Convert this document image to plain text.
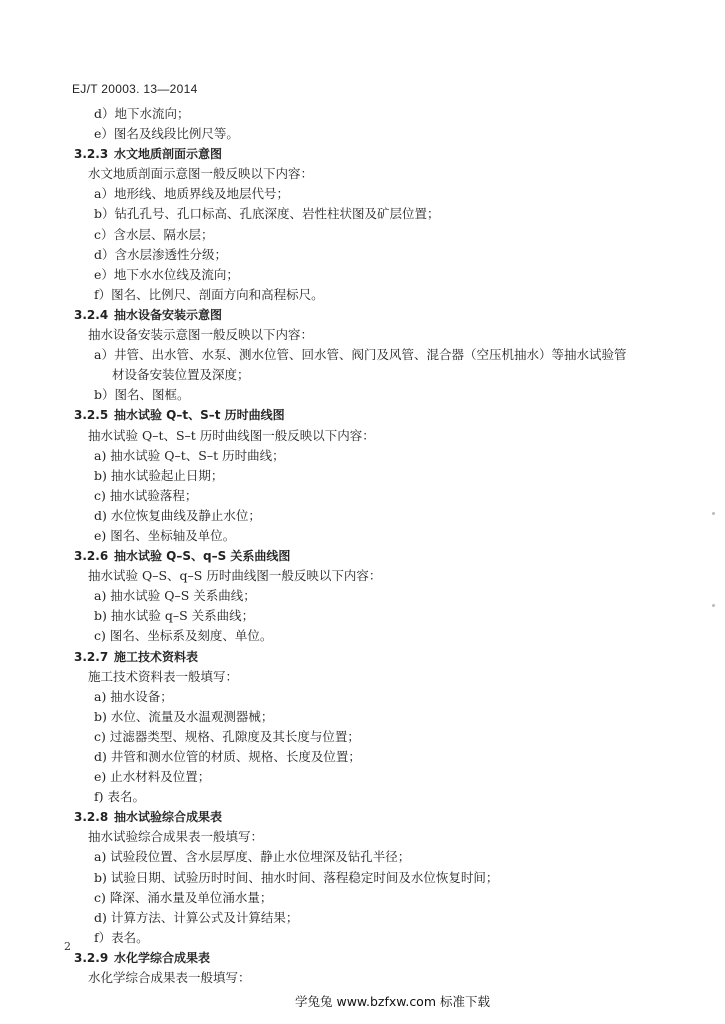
EJ/T 20003. 13—2014
d）地下水流向；
e）图名及线段比例尺等。
3.2.3 水文地质剖面示意图
水文地质剖面示意图一般反映以下内容：
a）地形线、地质界线及地层代号；
b）钻孔孔号、孔口标高、孔底深度、岩性柱状图及矿层位置；
c）含水层、隔水层；
d）含水层渗透性分级；
e）地下水水位线及流向；
f）图名、比例尺、剖面方向和高程标尺。
3.2.4 抽水设备安装示意图
抽水设备安装示意图一般反映以下内容：
a）井管、出水管、水泵、测水位管、回水管、阀门及风管、混合器（空压机抽水）等抽水试验管
材设备安装位置及深度；
b）图名、图框。
3.2.5 抽水试验 Q–t、S–t 历时曲线图
抽水试验 Q–t、S–t 历时曲线图一般反映以下内容：
a) 抽水试验 Q–t、S–t 历时曲线；
b) 抽水试验起止日期；
c) 抽水试验落程；
d) 水位恢复曲线及静止水位；
e) 图名、坐标轴及单位。
3.2.6 抽水试验 Q–S、q–S 关系曲线图
抽水试验 Q–S、q–S 历时曲线图一般反映以下内容：
a) 抽水试验 Q–S 关系曲线；
b) 抽水试验 q–S 关系曲线；
c) 图名、坐标系及刻度、单位。
3.2.7 施工技术资料表
施工技术资料表一般填写：
a) 抽水设备；
b) 水位、流量及水温观测器械；
c) 过滤器类型、规格、孔隙度及其长度与位置；
d) 井管和测水位管的材质、规格、长度及位置；
e) 止水材料及位置；
f) 表名。
3.2.8 抽水试验综合成果表
抽水试验综合成果表一般填写：
a) 试验段位置、含水层厚度、静止水位埋深及钻孔半径；
b) 试验日期、试验历时时间、抽水时间、落程稳定时间及水位恢复时间；
c) 降深、涌水量及单位涌水量；
d) 计算方法、计算公式及计算结果；
f）表名。
3.2.9 水化学综合成果表
水化学综合成果表一般填写：
2
学兔兔 www.bzfxw.com 标准下载
